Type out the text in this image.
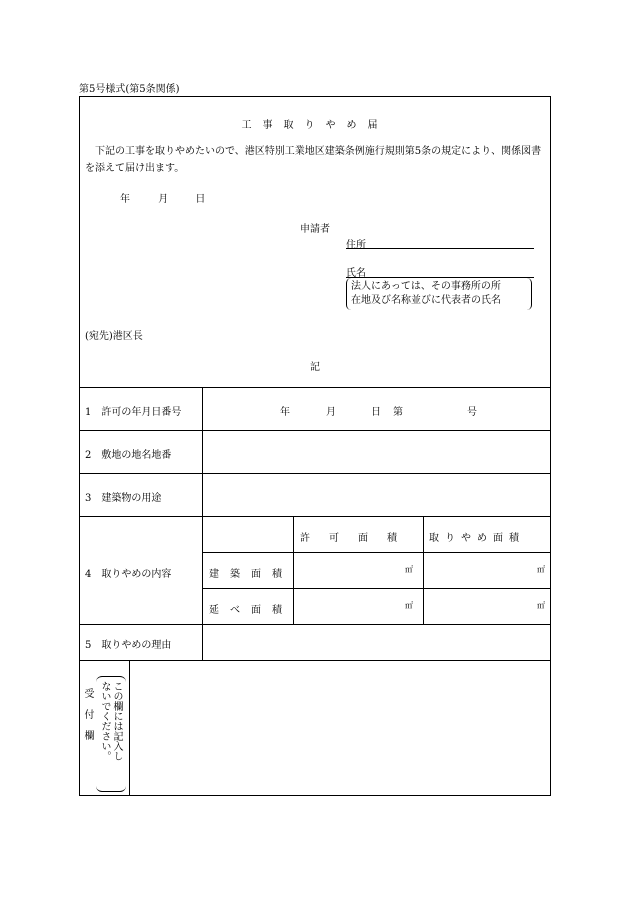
第5号様式(第5条関係)
工事取りやめ届
下記の工事を取りやめたいので、港区特別工業地区建築条例施行規則第5条の規定により、関係図書を添えて届け出ます。
年	月	日
申請者
住所
氏名
法人にあっては、その事務所の所
在地及び名称並びに代表者の氏名
(宛先)港区長
記
1　許可の年月日番号	年	月	日 第	号
2　敷地の地名地番
3　建築物の用途
4　取りやめの内容
許可面積 取りやめ面積
建築面積	㎡	㎡
延べ面積	㎡	㎡
5　取りやめの理由
受付欄	この欄には記入し
ないでください。
